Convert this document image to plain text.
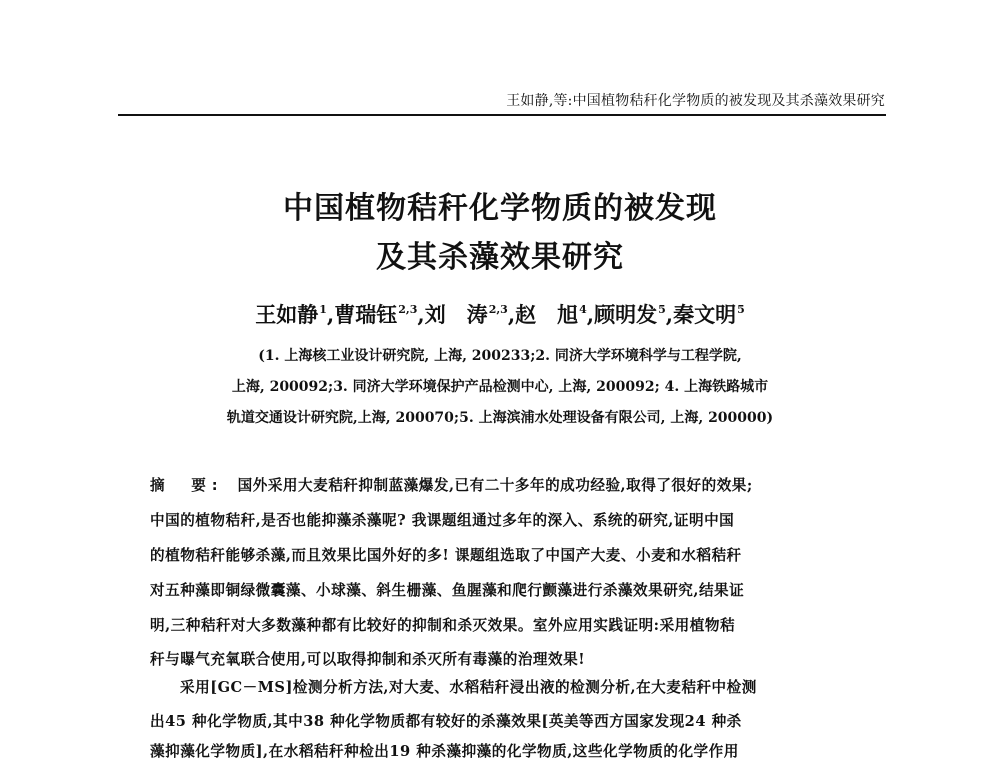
王如静,等:中国植物秸秆化学物质的被发现及其杀藻效果研究
中国植物秸秆化学物质的被发现
及其杀藻效果研究
王如静$^1$,曹瑞钰$^{2,3}$,刘　涛$^{2,3}$,赵　旭$^4$,顾明发$^5$,秦文明$^5$
(1. 上海核工业设计研究院, 上海, 200233;2. 同济大学环境科学与工程学院,
上海, 200092;3. 同济大学环境保护产品检测中心, 上海, 200092; 4. 上海铁路城市
轨道交通设计研究院,上海, 200070;5. 上海滨浦水处理设备有限公司, 上海, 200000)
摘　要: 国外采用大麦秸秆抑制蓝藻爆发,已有二十多年的成功经验,取得了很好的效果;
中国的植物秸秆,是否也能抑藻杀藻呢? 我课题组通过多年的深入、系统的研究,证明中国
的植物秸秆能够杀藻,而且效果比国外好的多! 课题组选取了中国产大麦、小麦和水稻秸秆
对五种藻即铜绿微囊藻、小球藻、斜生栅藻、鱼腥藻和爬行颤藻进行杀藻效果研究,结果证
明,三种秸秆对大多数藻种都有比较好的抑制和杀灭效果。室外应用实践证明:采用植物秸
秆与曝气充氧联合使用,可以取得抑制和杀灭所有毒藻的治理效果!
采用[GC－MS]检测分析方法,对大麦、水稻秸秆浸出液的检测分析,在大麦秸秆中检测
出45 种化学物质,其中38 种化学物质都有较好的杀藻效果[英美等西方国家发现24 种杀
藻抑藻化学物质],在水稻秸秆种检出19 种杀藻抑藻的化学物质,这些化学物质的化学作用
